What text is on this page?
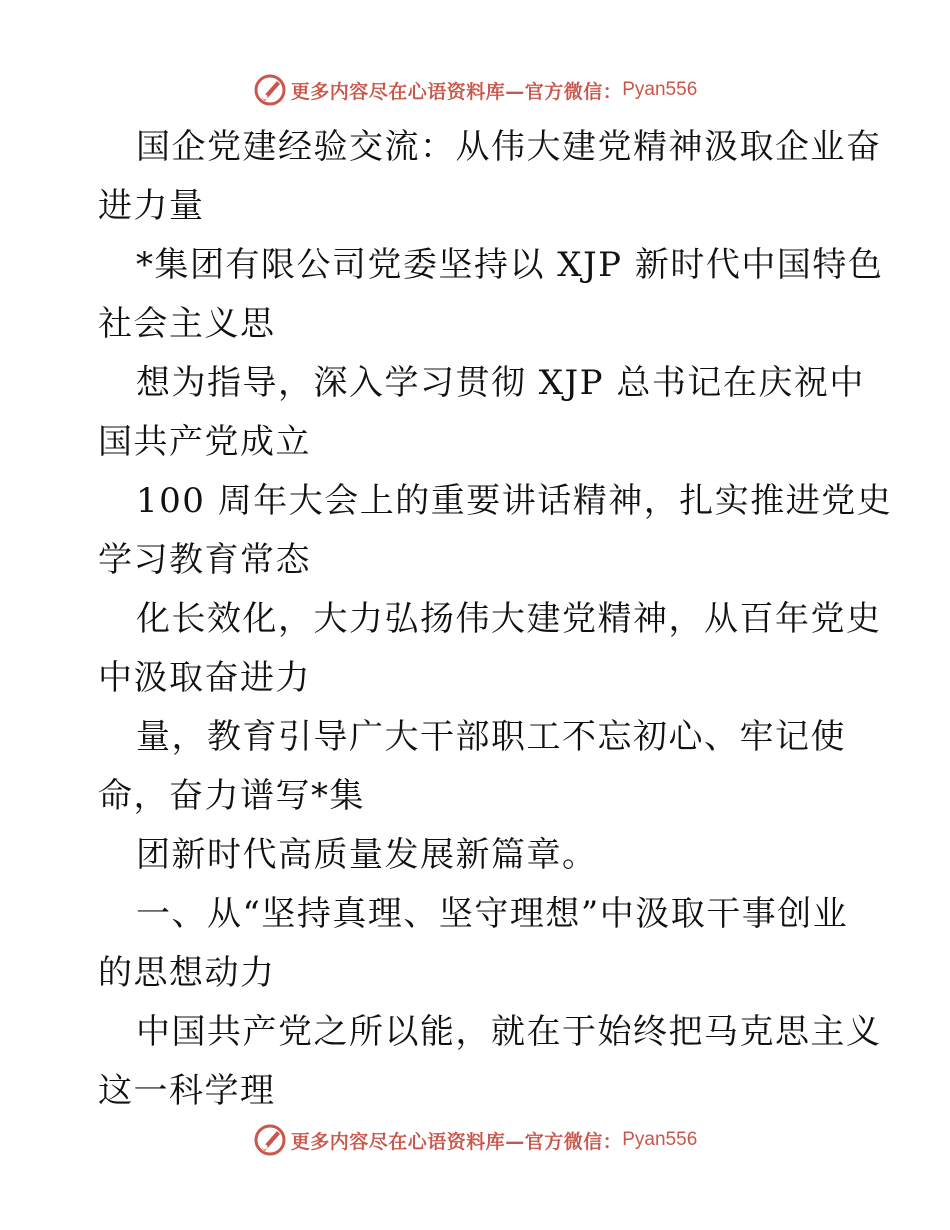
更多内容尽在心语资料库—官方微信： Pyan556
国企党建经验交流：从伟大建党精神汲取企业奋
进力量
*集团有限公司党委坚持以 XJP 新时代中国特色
社会主义思
想为指导，深入学习贯彻 XJP 总书记在庆祝中
国共产党成立
100 周年大会上的重要讲话精神，扎实推进党史
学习教育常态
化长效化，大力弘扬伟大建党精神，从百年党史
中汲取奋进力
量，教育引导广大干部职工不忘初心、牢记使
命，奋力谱写*集
团新时代高质量发展新篇章。
一、从“坚持真理、坚守理想”中汲取干事创业
的思想动力
中国共产党之所以能，就在于始终把马克思主义
这一科学理
更多内容尽在心语资料库—官方微信： Pyan556
